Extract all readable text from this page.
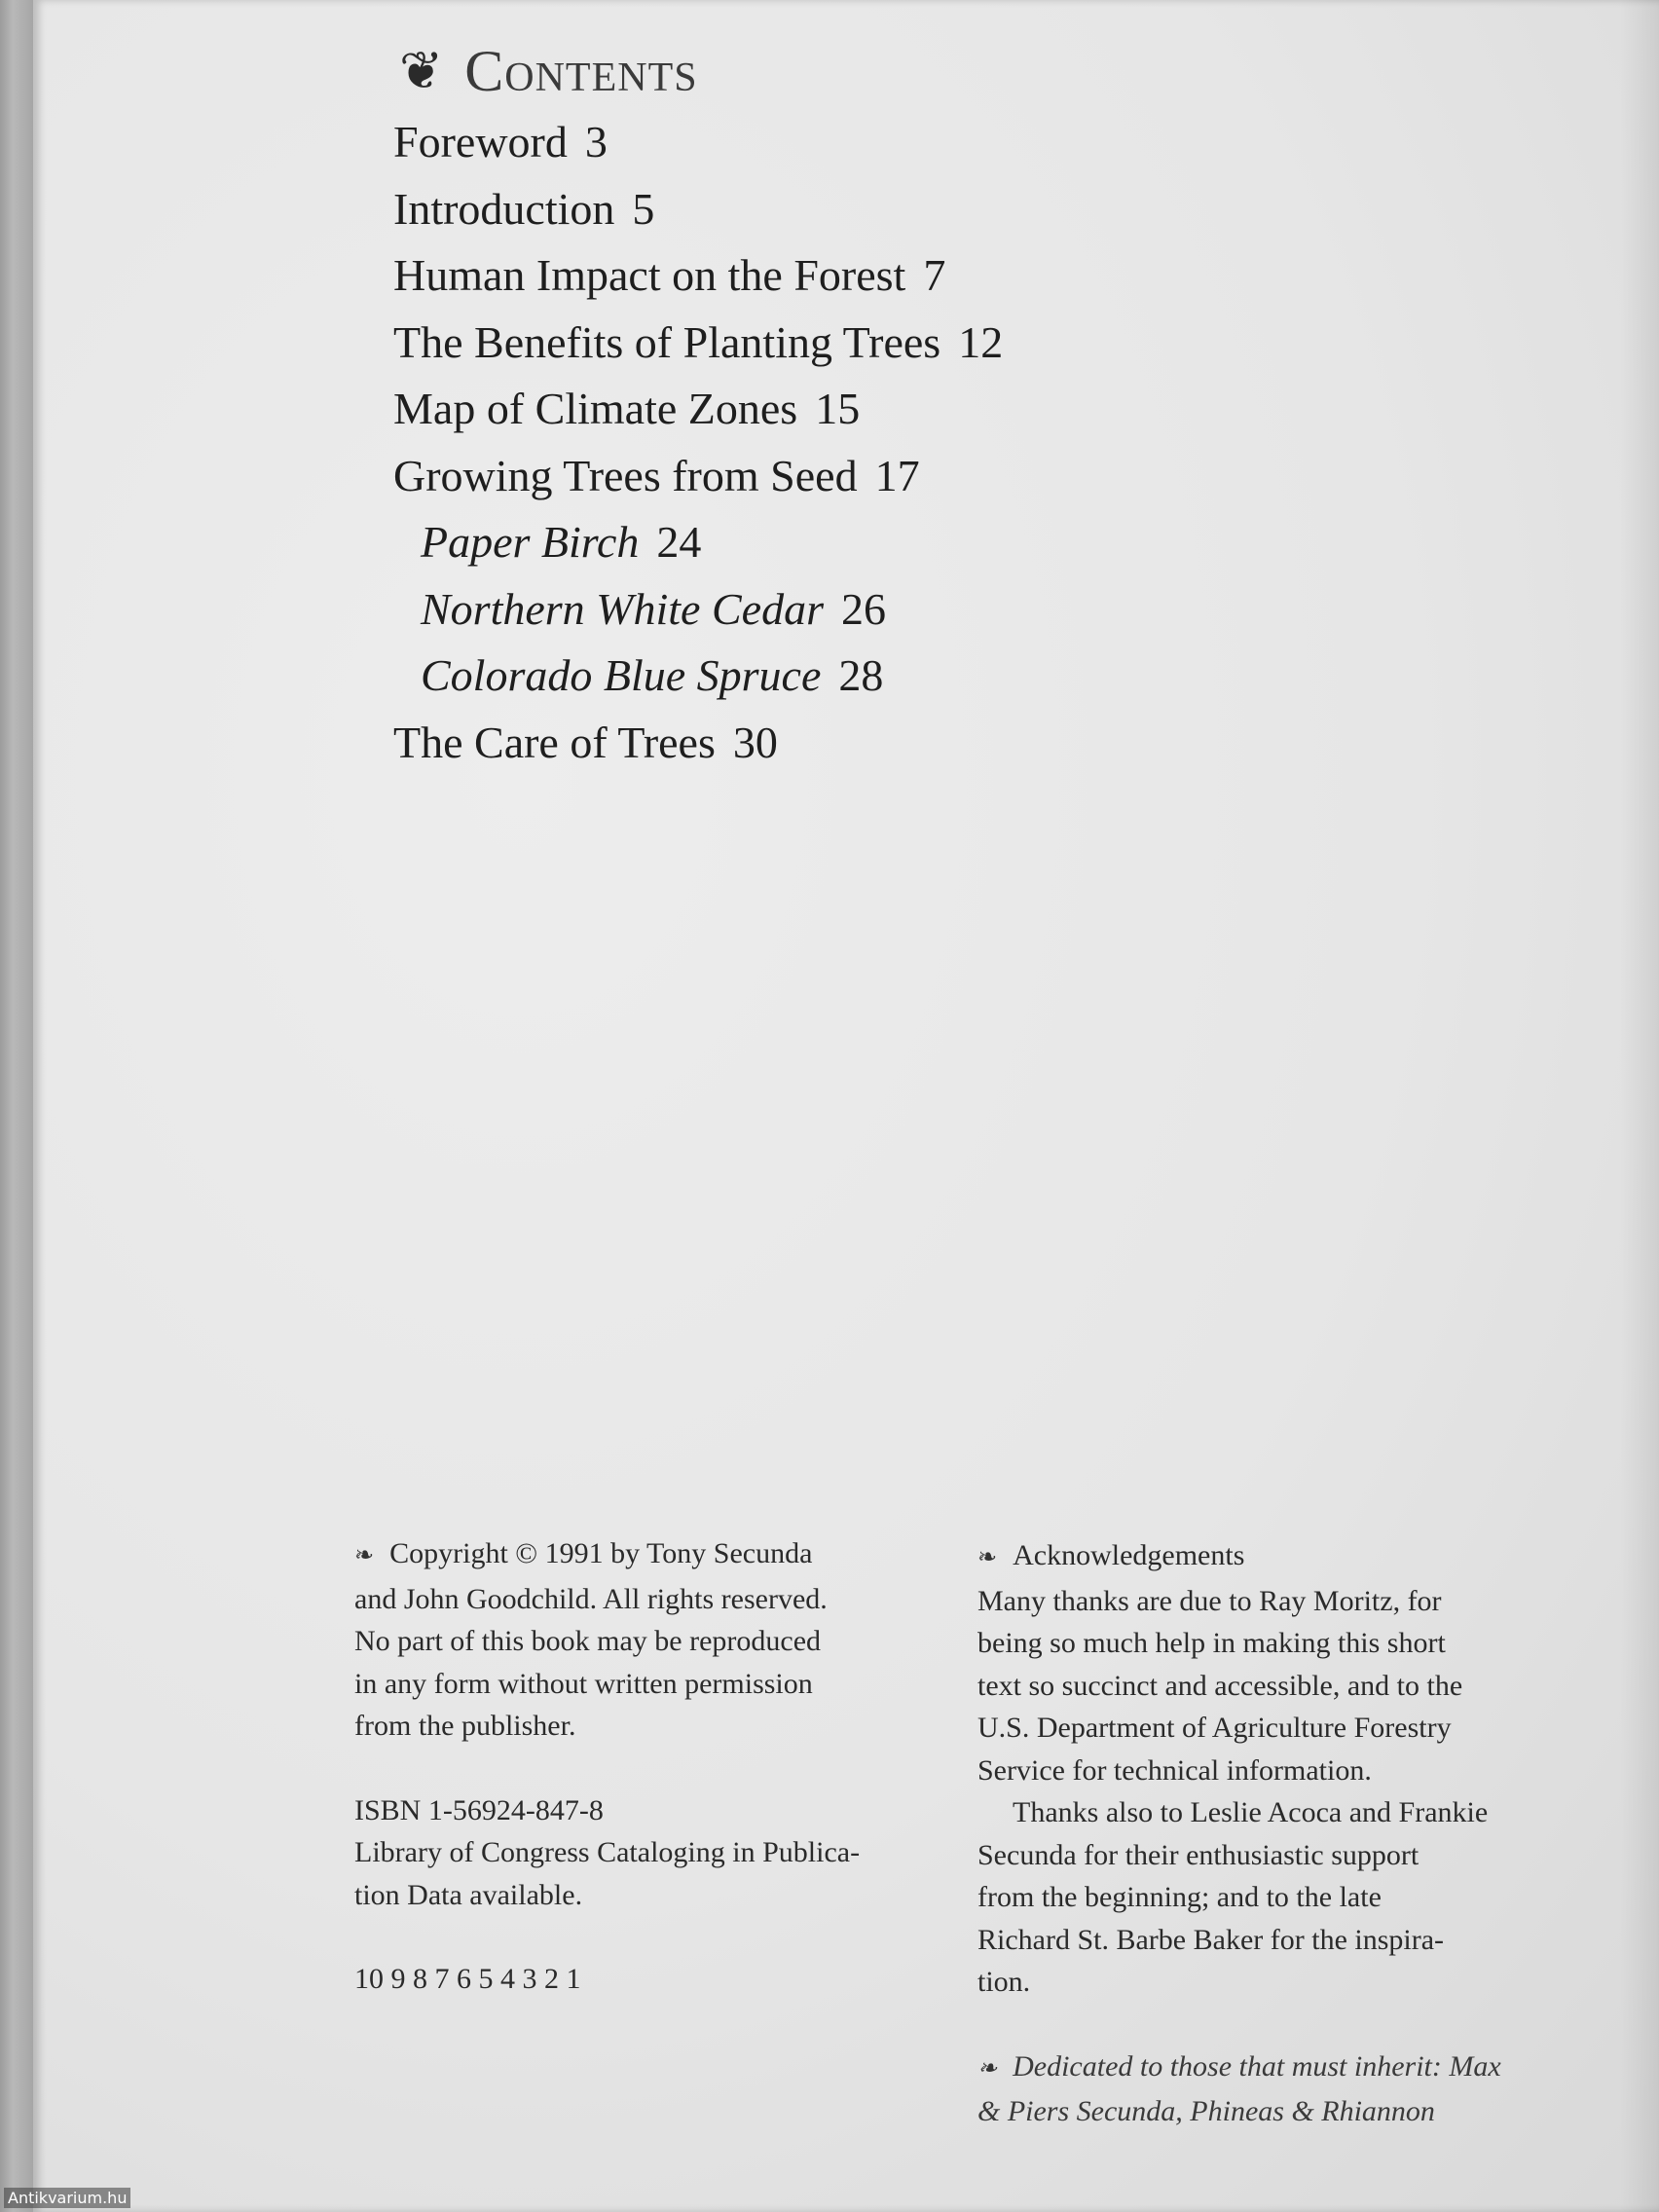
❦ Contents
Foreword 3
Introduction 5
Human Impact on the Forest 7
The Benefits of Planting Trees 12
Map of Climate Zones 15
Growing Trees from Seed 17
Paper Birch 24
Northern White Cedar 26
Colorado Blue Spruce 28
The Care of Trees 30
❧ Copyright © 1991 by Tony Secunda
and John Goodchild. All rights reserved.
No part of this book may be reproduced
in any form without written permission
from the publisher.
ISBN 1-56924-847-8
Library of Congress Cataloging in Publica-
tion Data available.
10 9 8 7 6 5 4 3 2 1
❧ Acknowledgements
Many thanks are due to Ray Moritz, for
being so much help in making this short
text so succinct and accessible, and to the
U.S. Department of Agriculture Forestry
Service for technical information.
Thanks also to Leslie Acoca and Frankie
Secunda for their enthusiastic support
from the beginning; and to the late
Richard St. Barbe Baker for the inspira-
tion.
❧ Dedicated to those that must inherit: Max
& Piers Secunda, Phineas & Rhiannon
Antikvarium.hu
